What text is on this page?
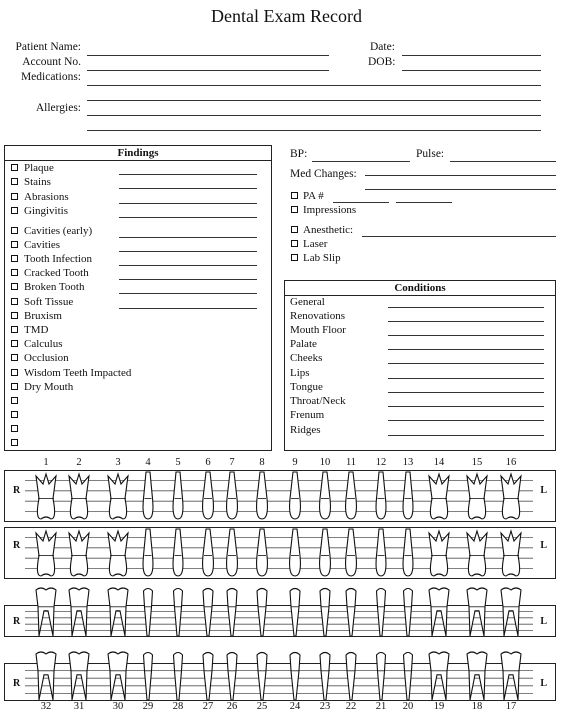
Dental Exam Record
Patient Name:
Account No.
Medications:
Allergies:
Date:
DOB:
Findings	BP:	Pulse:
Med Changes:
PA #
Impressions
Anesthetic:
Laser
Lab Slip
Conditions
R	L
R	L
R	L
R	L
Plaque
Stains
Abrasions
Gingivitis
Cavities (early)
Cavities
Tooth Infection
Cracked Tooth
Broken Tooth
Soft Tissue
Bruxism
TMD
Calculus
Occlusion
Wisdom Teeth Impacted
Dry Mouth
General
Renovations
Mouth Floor
Palate
Cheeks
Lips
Tongue
Throat/Neck
Frenum
Ridges
1	2	3	4	5	6	7	8	9	10	11	12	13	14	15	16
32	31	30	29	28	27	26	25	24	23	22	21	20	19	18	17
